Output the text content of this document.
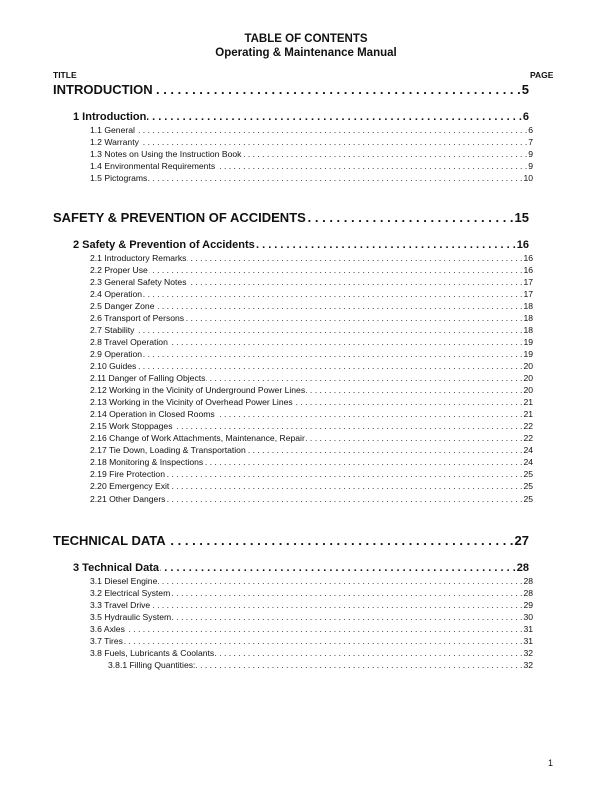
TABLE OF CONTENTS
Operating & Maintenance Manual
TITLE	PAGE
INTRODUCTION . . .	5
1 Introduction . . .	6
1.1 General . . .	6
1.2 Warranty . . .	7
1.3 Notes on Using the Instruction Book . . .	9
1.4 Environmental Requirements . . .	9
1.5 Pictograms . . .	10
SAFETY & PREVENTION OF ACCIDENTS . . .	15
2 Safety & Prevention of Accidents . . .	16
2.1 Introductory Remarks . . .	16
2.2 Proper Use . . .	16
2.3 General Safety Notes . . .	17
2.4 Operation . . .	17
2.5 Danger Zone . . .	18
2.6 Transport of Persons . . .	18
2.7 Stability . . .	18
2.8 Travel Operation . . .	19
2.9 Operation . . .	19
2.10 Guides . . .	20
2.11 Danger of Falling Objects . . .	20
2.12 Working in the Vicinity of Underground Power Lines . . .	20
2.13 Working in the Vicinity of Overhead Power Lines . . .	21
2.14 Operation in Closed Rooms . . .	21
2.15 Work Stoppages . . .	22
2.16 Change of Work Attachments, Maintenance, Repair . . .	22
2.17 Tie Down, Loading & Transportation . . .	24
2.18 Monitoring & Inspections . . .	24
2.19 Fire Protection . . .	25
2.20 Emergency Exit . . .	25
2.21 Other Dangers . . .	25
TECHNICAL DATA . . .	27
3 Technical Data . . .	28
3.1 Diesel Engine . . .	28
3.2 Electrical System . . .	28
3.3 Travel Drive . . .	29
3.5 Hydraulic System . . .	30
3.6 Axles . . .	31
3.7 Tires . . .	31
3.8 Fuels, Lubricants & Coolants . . .	32
3.8.1 Filling Quantities: . . .	32
1
